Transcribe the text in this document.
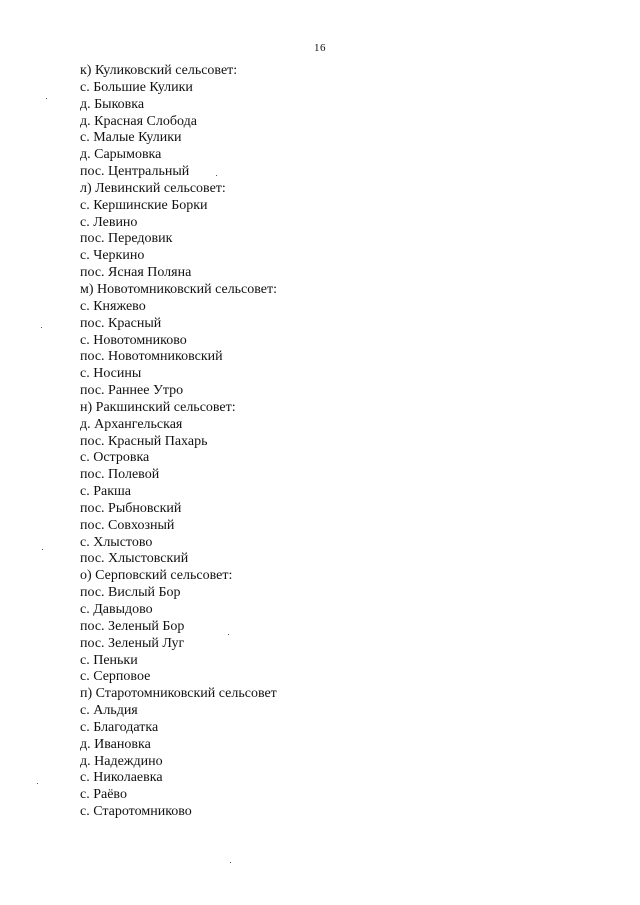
16
к) Куликовский сельсовет:
с. Большие Кулики
д. Быковка
д. Красная Слобода
с. Малые Кулики
д. Сарымовка
пос. Центральный
л) Левинский сельсовет:
с. Кершинские Борки
с. Левино
пос. Передовик
с. Черкино
пос. Ясная Поляна
м) Новотомниковский сельсовет:
с. Княжево
пос. Красный
с. Новотомниково
пос. Новотомниковский
с. Носины
пос. Раннее Утро
н) Ракшинский сельсовет:
д. Архангельская
пос. Красный Пахарь
с. Островка
пос. Полевой
с. Ракша
пос. Рыбновский
пос. Совхозный
с. Хлыстово
пос. Хлыстовский
о) Серповский сельсовет:
пос. Вислый Бор
с. Давыдово
пос. Зеленый Бор
пос. Зеленый Луг
с. Пеньки
с. Серповое
п) Старотомниковский сельсовет
с. Альдия
с. Благодатка
д. Ивановка
д. Надеждино
с. Николаевка
с. Раёво
с. Старотомниково
